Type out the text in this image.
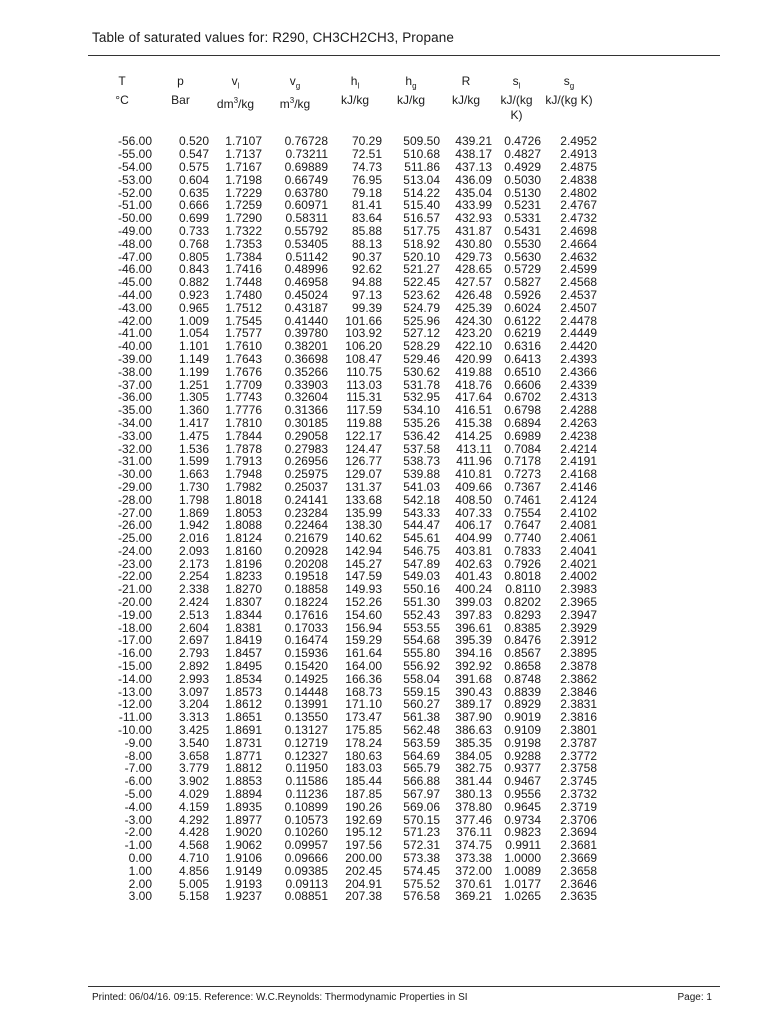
Table of saturated values for: R290, CH3CH2CH3, Propane
T	p	$v_l$	$v_g$	$h_l$	$h_g$	R	$s_l$	$s_g$
°C	Bar	$dm^3/kg$	$m^3/kg$	kJ/kg	kJ/kg	kJ/kg	kJ/(kg K)	kJ/(kg K)
-56.00	0.520	1.7107	0.76728	70.29	509.50	439.21	0.4726	2.4952
-55.00	0.547	1.7137	0.73211	72.51	510.68	438.17	0.4827	2.4913
-54.00	0.575	1.7167	0.69889	74.73	511.86	437.13	0.4929	2.4875
-53.00	0.604	1.7198	0.66749	76.95	513.04	436.09	0.5030	2.4838
-52.00	0.635	1.7229	0.63780	79.18	514.22	435.04	0.5130	2.4802
-51.00	0.666	1.7259	0.60971	81.41	515.40	433.99	0.5231	2.4767
-50.00	0.699	1.7290	0.58311	83.64	516.57	432.93	0.5331	2.4732
-49.00	0.733	1.7322	0.55792	85.88	517.75	431.87	0.5431	2.4698
-48.00	0.768	1.7353	0.53405	88.13	518.92	430.80	0.5530	2.4664
-47.00	0.805	1.7384	0.51142	90.37	520.10	429.73	0.5630	2.4632
-46.00	0.843	1.7416	0.48996	92.62	521.27	428.65	0.5729	2.4599
-45.00	0.882	1.7448	0.46958	94.88	522.45	427.57	0.5827	2.4568
-44.00	0.923	1.7480	0.45024	97.13	523.62	426.48	0.5926	2.4537
-43.00	0.965	1.7512	0.43187	99.39	524.79	425.39	0.6024	2.4507
-42.00	1.009	1.7545	0.41440	101.66	525.96	424.30	0.6122	2.4478
-41.00	1.054	1.7577	0.39780	103.92	527.12	423.20	0.6219	2.4449
-40.00	1.101	1.7610	0.38201	106.20	528.29	422.10	0.6316	2.4420
-39.00	1.149	1.7643	0.36698	108.47	529.46	420.99	0.6413	2.4393
-38.00	1.199	1.7676	0.35266	110.75	530.62	419.88	0.6510	2.4366
-37.00	1.251	1.7709	0.33903	113.03	531.78	418.76	0.6606	2.4339
-36.00	1.305	1.7743	0.32604	115.31	532.95	417.64	0.6702	2.4313
-35.00	1.360	1.7776	0.31366	117.59	534.10	416.51	0.6798	2.4288
-34.00	1.417	1.7810	0.30185	119.88	535.26	415.38	0.6894	2.4263
-33.00	1.475	1.7844	0.29058	122.17	536.42	414.25	0.6989	2.4238
-32.00	1.536	1.7878	0.27983	124.47	537.58	413.11	0.7084	2.4214
-31.00	1.599	1.7913	0.26956	126.77	538.73	411.96	0.7178	2.4191
-30.00	1.663	1.7948	0.25975	129.07	539.88	410.81	0.7273	2.4168
-29.00	1.730	1.7982	0.25037	131.37	541.03	409.66	0.7367	2.4146
-28.00	1.798	1.8018	0.24141	133.68	542.18	408.50	0.7461	2.4124
-27.00	1.869	1.8053	0.23284	135.99	543.33	407.33	0.7554	2.4102
-26.00	1.942	1.8088	0.22464	138.30	544.47	406.17	0.7647	2.4081
-25.00	2.016	1.8124	0.21679	140.62	545.61	404.99	0.7740	2.4061
-24.00	2.093	1.8160	0.20928	142.94	546.75	403.81	0.7833	2.4041
-23.00	2.173	1.8196	0.20208	145.27	547.89	402.63	0.7926	2.4021
-22.00	2.254	1.8233	0.19518	147.59	549.03	401.43	0.8018	2.4002
-21.00	2.338	1.8270	0.18858	149.93	550.16	400.24	0.8110	2.3983
-20.00	2.424	1.8307	0.18224	152.26	551.30	399.03	0.8202	2.3965
-19.00	2.513	1.8344	0.17616	154.60	552.43	397.83	0.8293	2.3947
-18.00	2.604	1.8381	0.17033	156.94	553.55	396.61	0.8385	2.3929
-17.00	2.697	1.8419	0.16474	159.29	554.68	395.39	0.8476	2.3912
-16.00	2.793	1.8457	0.15936	161.64	555.80	394.16	0.8567	2.3895
-15.00	2.892	1.8495	0.15420	164.00	556.92	392.92	0.8658	2.3878
-14.00	2.993	1.8534	0.14925	166.36	558.04	391.68	0.8748	2.3862
-13.00	3.097	1.8573	0.14448	168.73	559.15	390.43	0.8839	2.3846
-12.00	3.204	1.8612	0.13991	171.10	560.27	389.17	0.8929	2.3831
-11.00	3.313	1.8651	0.13550	173.47	561.38	387.90	0.9019	2.3816
-10.00	3.425	1.8691	0.13127	175.85	562.48	386.63	0.9109	2.3801
-9.00	3.540	1.8731	0.12719	178.24	563.59	385.35	0.9198	2.3787
-8.00	3.658	1.8771	0.12327	180.63	564.69	384.05	0.9288	2.3772
-7.00	3.779	1.8812	0.11950	183.03	565.79	382.75	0.9377	2.3758
-6.00	3.902	1.8853	0.11586	185.44	566.88	381.44	0.9467	2.3745
-5.00	4.029	1.8894	0.11236	187.85	567.97	380.13	0.9556	2.3732
-4.00	4.159	1.8935	0.10899	190.26	569.06	378.80	0.9645	2.3719
-3.00	4.292	1.8977	0.10573	192.69	570.15	377.46	0.9734	2.3706
-2.00	4.428	1.9020	0.10260	195.12	571.23	376.11	0.9823	2.3694
-1.00	4.568	1.9062	0.09957	197.56	572.31	374.75	0.9911	2.3681
0.00	4.710	1.9106	0.09666	200.00	573.38	373.38	1.0000	2.3669
1.00	4.856	1.9149	0.09385	202.45	574.45	372.00	1.0089	2.3658
2.00	5.005	1.9193	0.09113	204.91	575.52	370.61	1.0177	2.3646
3.00	5.158	1.9237	0.08851	207.38	576.58	369.21	1.0265	2.3635
Printed: 06/04/16. 09:15. Reference: W.C.Reynolds: Thermodynamic Properties in SI	Page: 1
